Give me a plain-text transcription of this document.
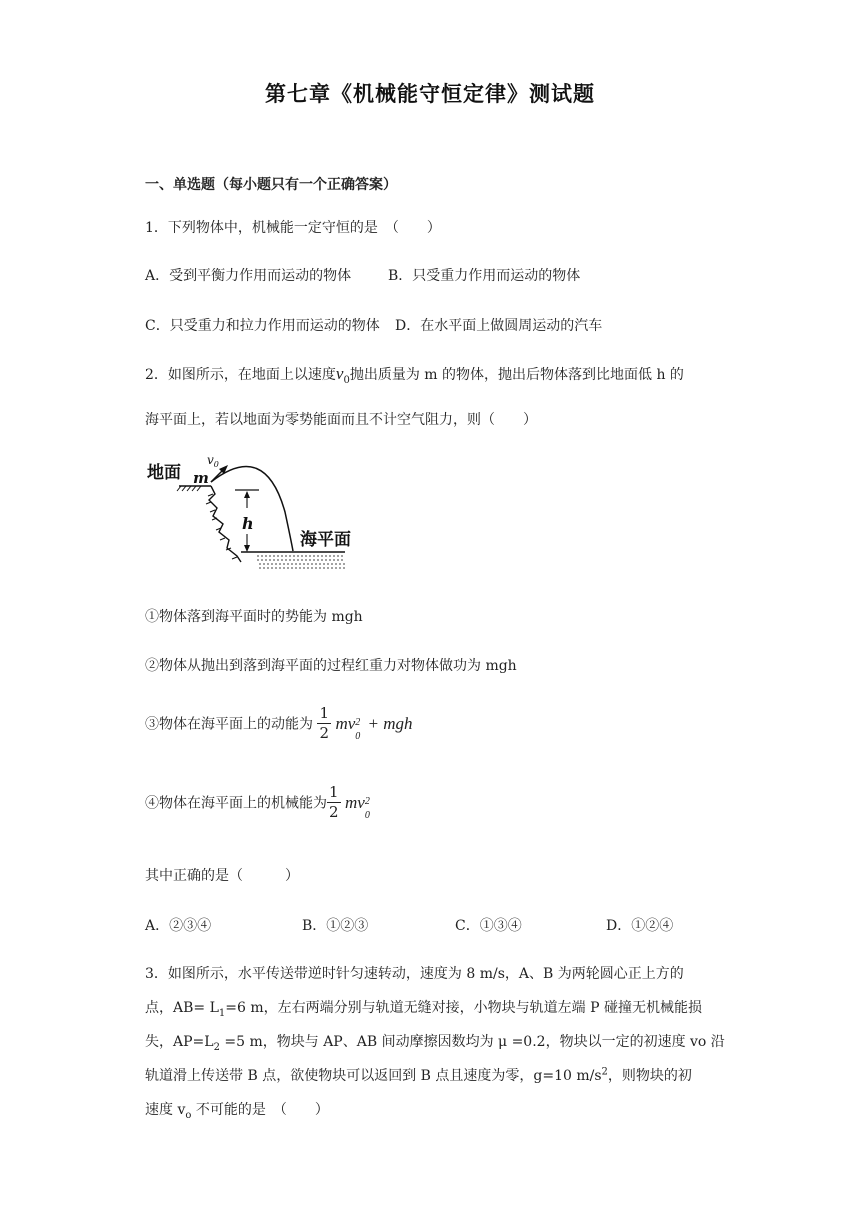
第七章《机械能守恒定律》测试题
一、单选题（每小题只有一个正确答案）
1．下列物体中，机械能一定守恒的是　（　　）
A．受到平衡力作用而运动的物体	B．只受重力作用而运动的物体
C．只受重力和拉力作用而运动的物体 D．在水平面上做圆周运动的汽车
2．如图所示，在地面上以速度$v_0$抛出质量为 m 的物体，抛出后物体落到比地面低 h 的
海平面上，若以地面为零势能面而且不计空气阻力，则（　　）
地面 m
$v_0$
h
海平面
①物体落到海平面时的势能为 mgh
②物体从抛出到落到海平面的过程红重力对物体做功为 mgh
③物体在海平面上的动能为 $\frac{1}{2}$ mv 2
0
+ mgh
④物体在海平面上的机械能为 $\frac{1}{2}$ mv 2
0
其中正确的是（　　　）
A．②③④	B．①②③	C．①③④	D．①②④
3．如图所示，水平传送带逆时针匀速转动，速度为 8 m/s，A、B 为两轮圆心正上方的
点，$AB= L_1=6$ m，左右两端分别与轨道无缝对接，小物块与轨道左端 P 碰撞无机械能损
失，$AP=L_2 =5$ m，物块与 AP、AB 间动摩擦因数均为 μ =0.2，物块以一定的初速度 vo 沿
轨道滑上传送带 B 点，欲使物块可以返回到 B 点且速度为零，g=10 $m/s^2$，则物块的初
速度 $v_o$ 不可能的是　（　　）
